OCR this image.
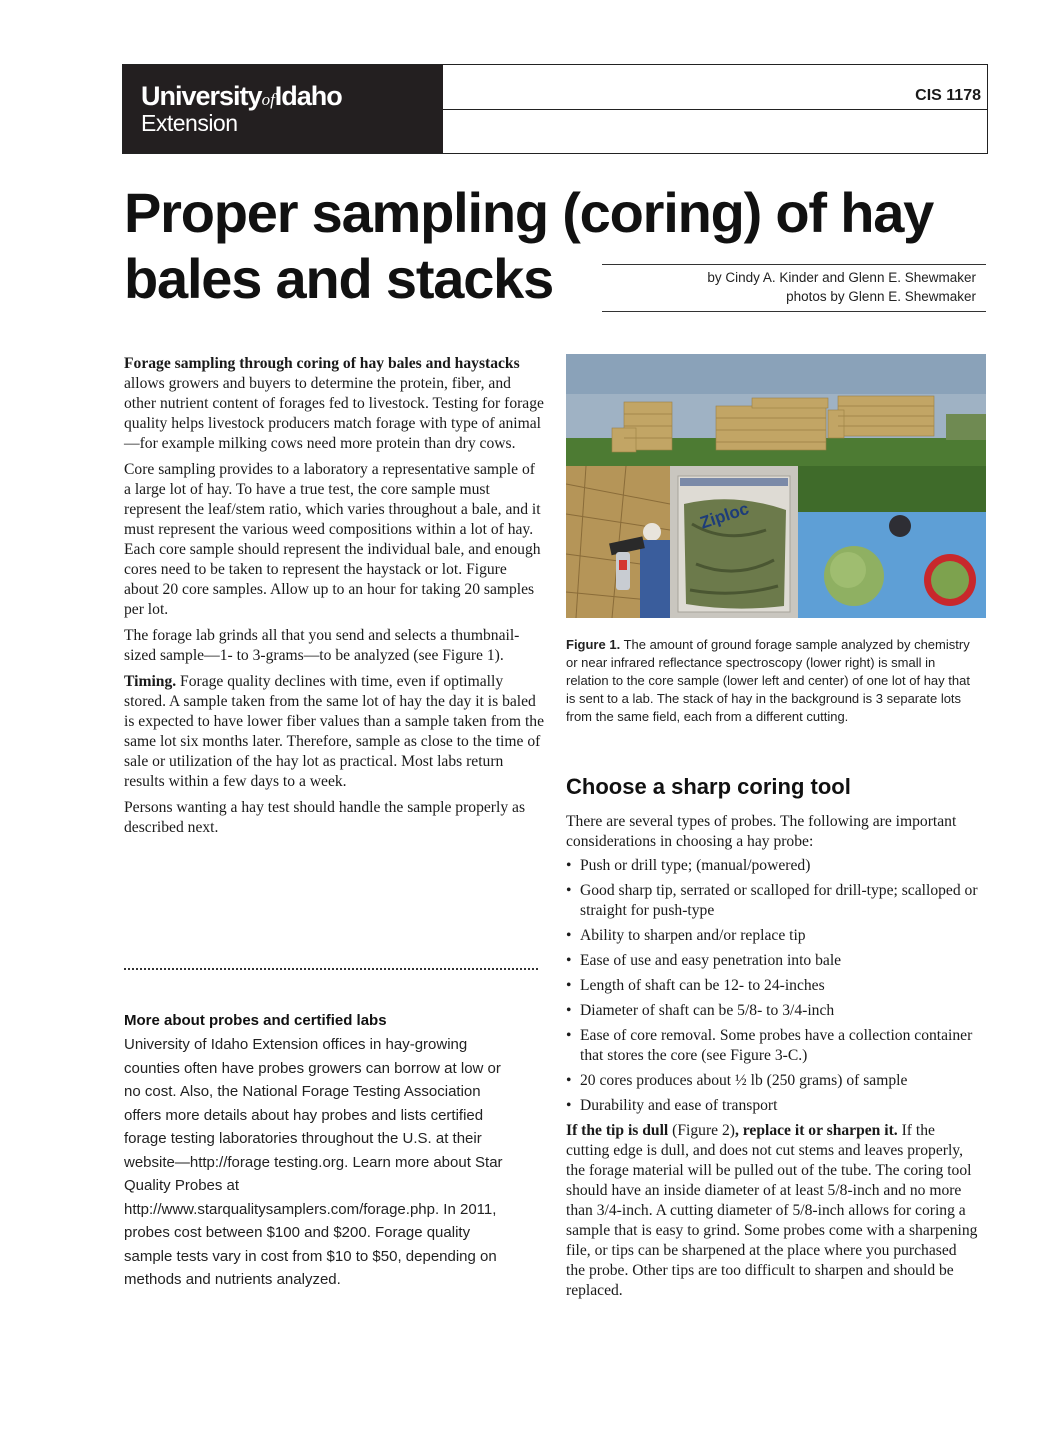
UniversityofIdaho
Extension
CIS 1178
Proper sampling (coring) of hay
bales and stacks	by Cindy A. Kinder and Glenn E. Shewmaker
photos by Glenn E. Shewmaker

Forage sampling through coring of hay bales and haystacks allows growers and buyers to determine the protein, fiber, and other nutrient content of forages fed to livestock. Testing for forage quality helps livestock producers match forage with type of animal—for example milking cows need more protein than dry cows.

Core sampling provides to a laboratory a representative sample of a large lot of hay. To have a true test, the core sample must represent the leaf/stem ratio, which varies throughout a bale, and it must represent the various weed compositions within a lot of hay. Each core sample should represent the individual bale, and enough cores need to be taken to represent the haystack or lot. Figure about 20 core samples. Allow up to an hour for taking 20 samples per lot.

The forage lab grinds all that you send and selects a thumbnail-sized sample—1- to 3-grams—to be analyzed (see Figure 1).

Timing. Forage quality declines with time, even if optimally stored. A sample taken from the same lot of hay the day it is baled is expected to have lower fiber values than a sample taken from the same lot six months later. Therefore, sample as close to the time of sale or utilization of the hay lot as practical. Most labs return results within a few days to a week.

Persons wanting a hay test should handle the sample properly as described next.

More about probes and certified labs

University of Idaho Extension offices in hay-growing counties often have probes growers can borrow at low or no cost. Also, the National Forage Testing Association offers more details about hay probes and lists certified forage testing laboratories throughout the U.S. at their website—http://forage testing.org. Learn more about Star Quality Probes at http://www.starqualitysamplers.com/forage.php. In 2011, probes cost between $100 and $200. Forage quality sample tests vary in cost from $10 to $50, depending on methods and nutrients analyzed.

Ziploc

Figure 1. The amount of ground forage sample analyzed by chemistry or near infrared reflectance spectroscopy (lower right) is small in relation to the core sample (lower left and center) of one lot of hay that is sent to a lab. The stack of hay in the background is 3 separate lots from the same field, each from a different cutting.

Choose a sharp coring tool

There are several types of probes. The following are important considerations in choosing a hay probe:

• Push or drill type; (manual/powered)
• Good sharp tip, serrated or scalloped for drill-type; scalloped or straight for push-type
• Ability to sharpen and/or replace tip
• Ease of use and easy penetration into bale
• Length of shaft can be 12- to 24-inches
• Diameter of shaft can be 5/8- to 3/4-inch
• Ease of core removal. Some probes have a collection container that stores the core (see Figure 3-C.)
• 20 cores produces about ½ lb (250 grams) of sample
• Durability and ease of transport

If the tip is dull (Figure 2), replace it or sharpen it. If the cutting edge is dull, and does not cut stems and leaves properly, the forage material will be pulled out of the tube. The coring tool should have an inside diameter of at least 5/8-inch and no more than 3/4-inch. A cutting diameter of 5/8-inch allows for coring a sample that is easy to grind. Some probes come with a sharpening file, or tips can be sharpened at the place where you purchased the probe. Other tips are too difficult to sharpen and should be replaced.
